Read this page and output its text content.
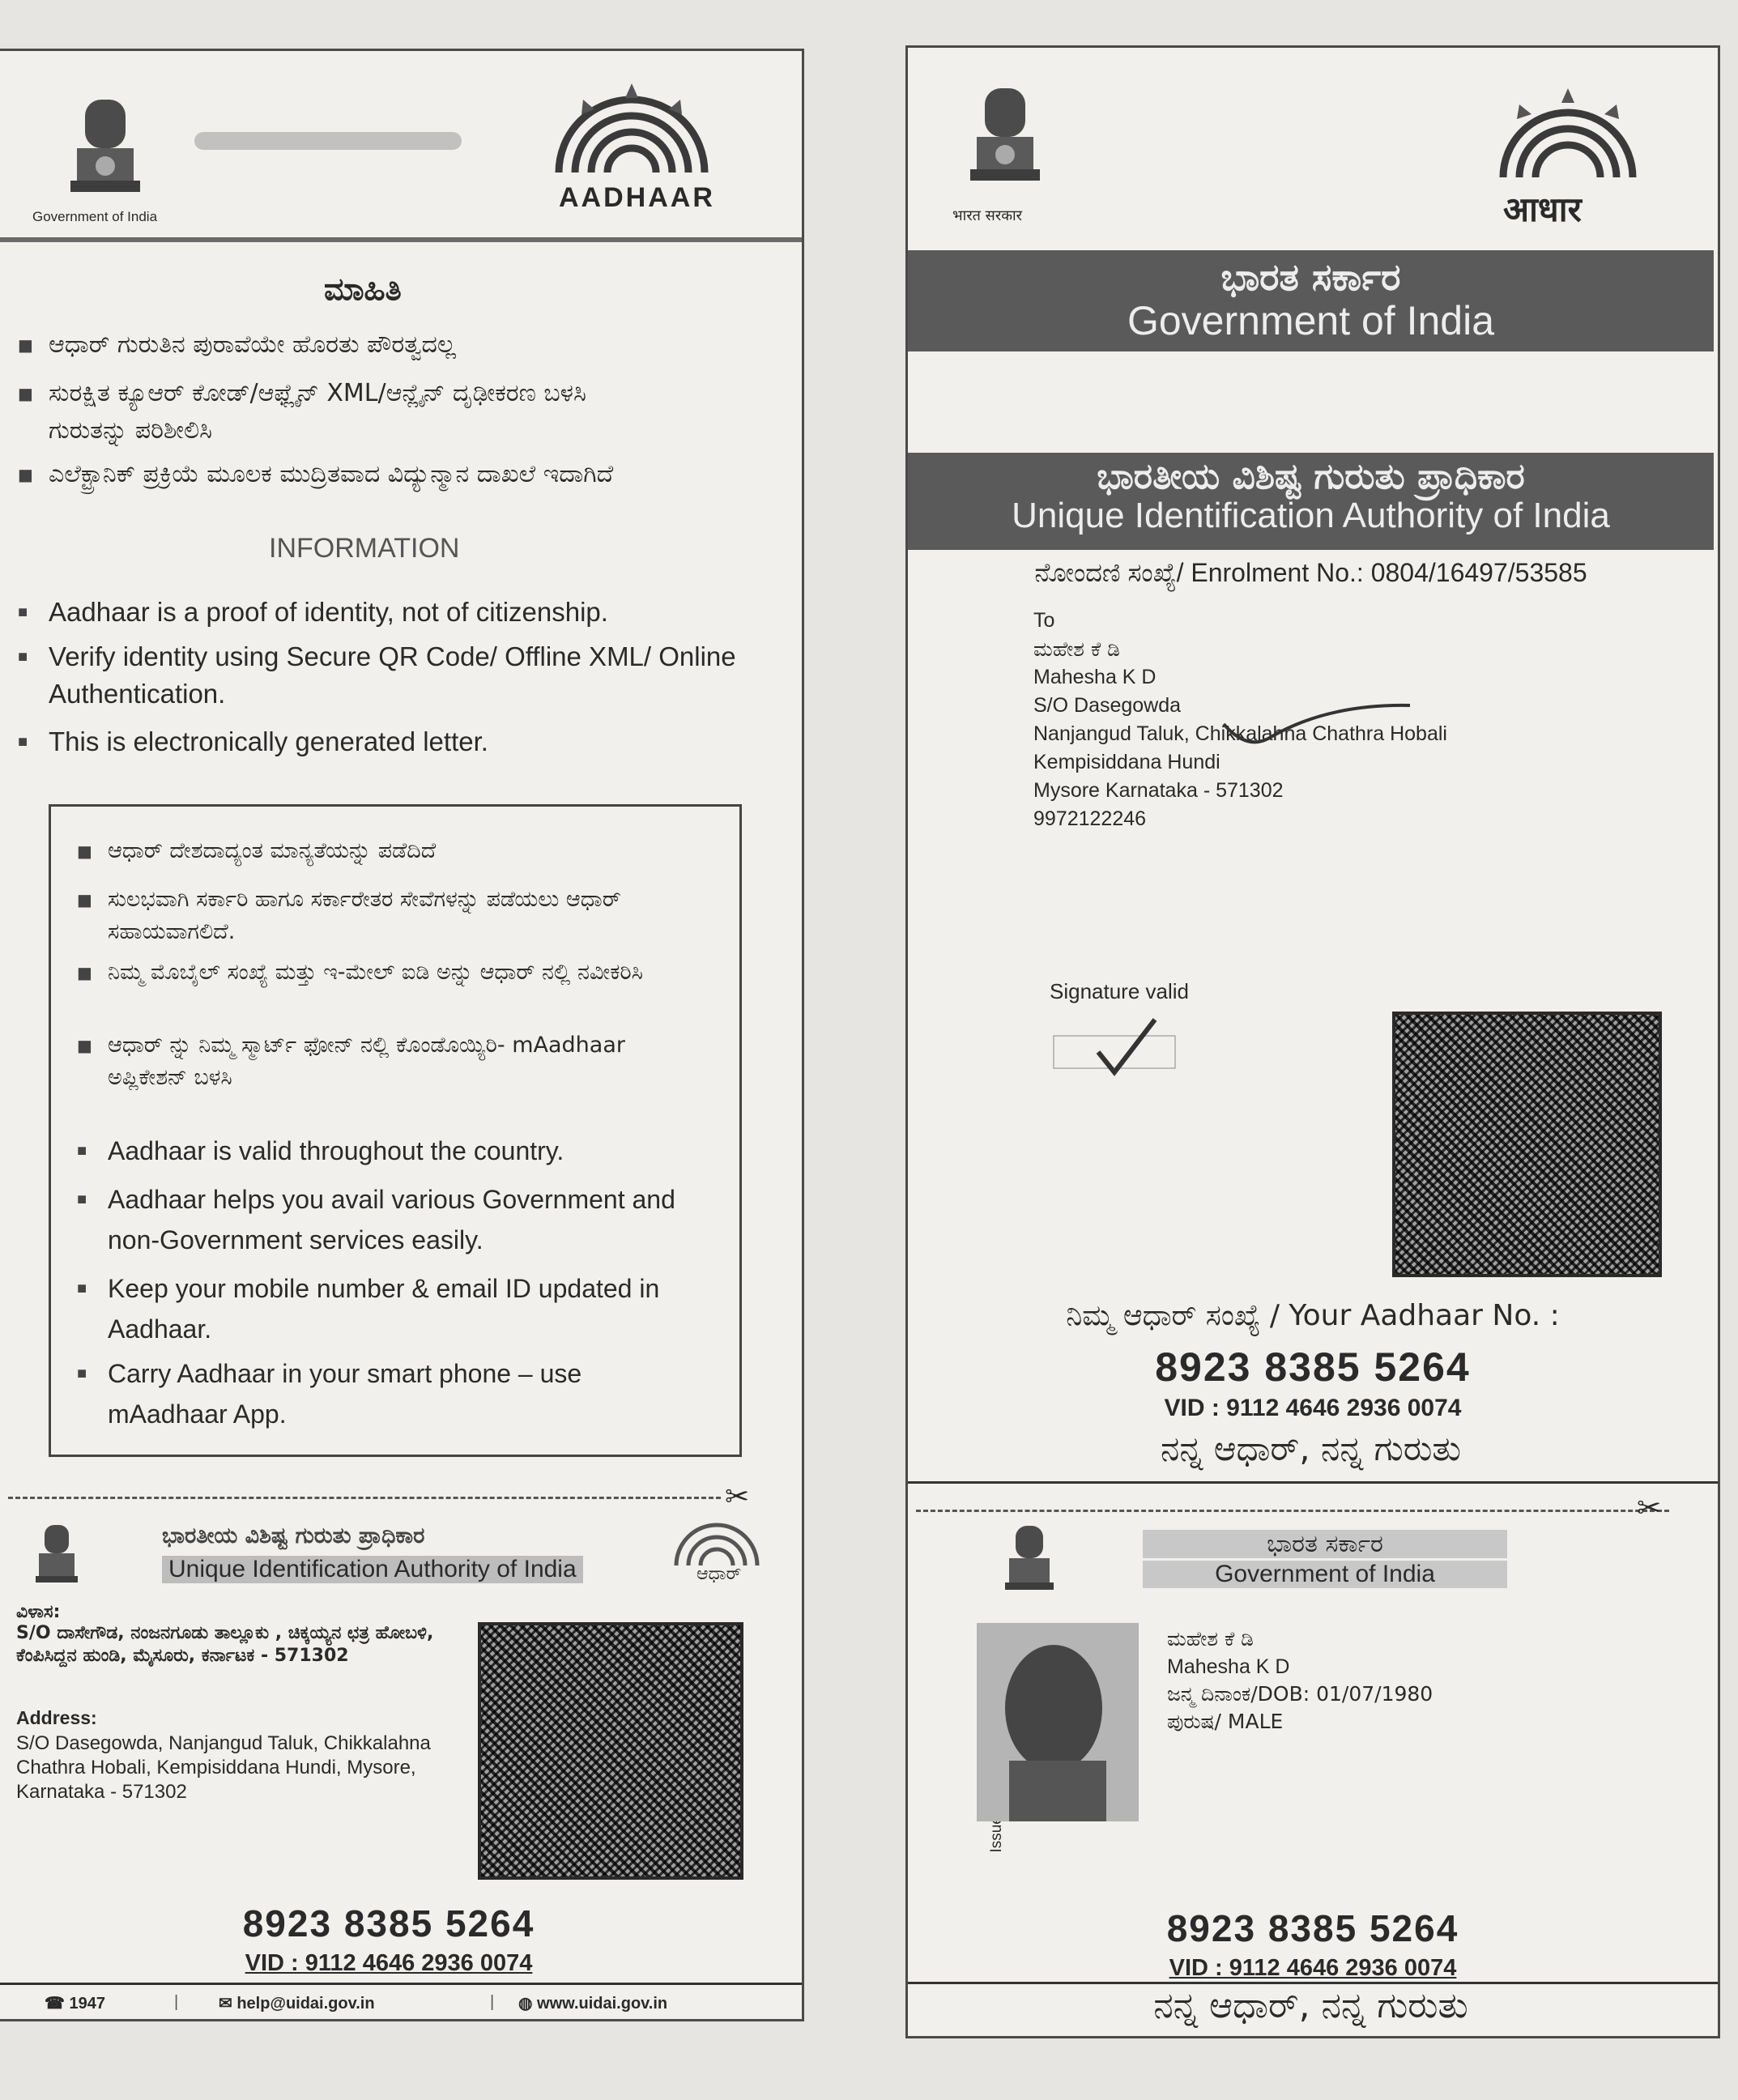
Government of India
AADHAAR
ಮಾಹಿತಿ
■ ಆಧಾರ್ ಗುರುತಿನ ಪುರಾವೆಯೇ ಹೊರತು ಪೌರತ್ವದಲ್ಲ
■ ಸುರಕ್ಷಿತ ಕ್ಯೂಆರ್ ಕೋಡ್/ಆಫ್ಲೈನ್ XML/ಆನ್ಲೈನ್ ದೃಢೀಕರಣ ಬಳಸಿ ಗುರುತನ್ನು ಪರಿಶೀಲಿಸಿ
■ ಎಲೆಕ್ಟ್ರಾನಿಕ್ ಪ್ರಕ್ರಿಯೆ ಮೂಲಕ ಮುದ್ರಿತವಾದ ವಿದ್ಯುನ್ಮಾನ ದಾಖಲೆ ಇದಾಗಿದೆ
INFORMATION
■ Aadhaar is a proof of identity, not of citizenship.
■ Verify identity using Secure QR Code/ Offline XML/ Online Authentication.
■ This is electronically generated letter.
■ ಆಧಾರ್ ದೇಶದಾದ್ಯಂತ ಮಾನ್ಯತೆಯನ್ನು ಪಡೆದಿದೆ
■ ಸುಲಭವಾಗಿ ಸರ್ಕಾರಿ ಹಾಗೂ ಸರ್ಕಾರೇತರ ಸೇವೆಗಳನ್ನು ಪಡೆಯಲು ಆಧಾರ್ ಸಹಾಯವಾಗಲಿದೆ.
■ ನಿಮ್ಮ ಮೊಬೈಲ್ ಸಂಖ್ಯೆ ಮತ್ತು ಇ-ಮೇಲ್ ಐಡಿ ಅನ್ನು ಆಧಾರ್ ನಲ್ಲಿ ನವೀಕರಿಸಿ
■ ಆಧಾರ್ ನ್ನು ನಿಮ್ಮ ಸ್ಮಾರ್ಟ್ ಫೋನ್ ನಲ್ಲಿ ಕೊಂಡೊಯ್ಯಿರಿ- mAadhaar ಅಪ್ಲಿಕೇಶನ್ ಬಳಸಿ
■ Aadhaar is valid throughout the country.
■ Aadhaar helps you avail various Government and non-Government services easily.
■ Keep your mobile number & email ID updated in Aadhaar.
■ Carry Aadhaar in your smart phone – use mAadhaar App.
✂
ಭಾರತೀಯ ವಿಶಿಷ್ಟ ಗುರುತು ಪ್ರಾಧಿಕಾರ
Unique Identification Authority of India	ಆಧಾರ್
ವಿಳಾಸ:
S/O ದಾಸೇಗೌಡ, ನಂಜನಗೂಡು ತಾಲ್ಲೂಕು , ಚಿಕ್ಕಯ್ಯನ ಛತ್ರ ಹೋಬಳಿ, ಕೆಂಪಿಸಿದ್ದನ ಹುಂಡಿ, ಮೈಸೂರು, ಕರ್ನಾಟಕ - 571302
Address:
S/O Dasegowda, Nanjangud Taluk, Chikkalahna Chathra Hobali, Kempisiddana Hundi, Mysore, Karnataka - 571302
8923 8385 5264
VID : 9112 4646 2936 0074
☎ 1947	| ✉ help@uidai.gov.in	| ◍ www.uidai.gov.in
भारत सरकार	आधार
ಭಾರತ ಸರ್ಕಾರ
Government of India
ಭಾರತೀಯ ವಿಶಿಷ್ಟ ಗುರುತು ಪ್ರಾಧಿಕಾರ
Unique Identification Authority of India
ನೋಂದಣಿ ಸಂಖ್ಯೆ/ Enrolment No.: 0804/16497/53585
To
ಮಹೇಶ ಕೆ ಡಿ
Mahesha K D
S/O Dasegowda
Nanjangud Taluk, Chikkalahna Chathra Hobali
Kempisiddana Hundi
Mysore Karnataka - 571302
9972122246
Signature valid
ನಿಮ್ಮ ಆಧಾರ್ ಸಂಖ್ಯೆ / Your Aadhaar No. :
8923 8385 5264
VID : 9112 4646 2936 0074
ನನ್ನ ಆಧಾರ್, ನನ್ನ ಗುರುತು
✂
ಭಾರತ ಸರ್ಕಾರ
Government of India
ಮಹೇಶ ಕೆ ಡಿ
Mahesha K D
ಜನ್ಮ ದಿನಾಂಕ/DOB: 01/07/1980
ಪುರುಷ/ MALE
8923 8385 5264
VID : 9112 4646 2936 0074
ನನ್ನ ಆಧಾರ್, ನನ್ನ ಗುರುತು
